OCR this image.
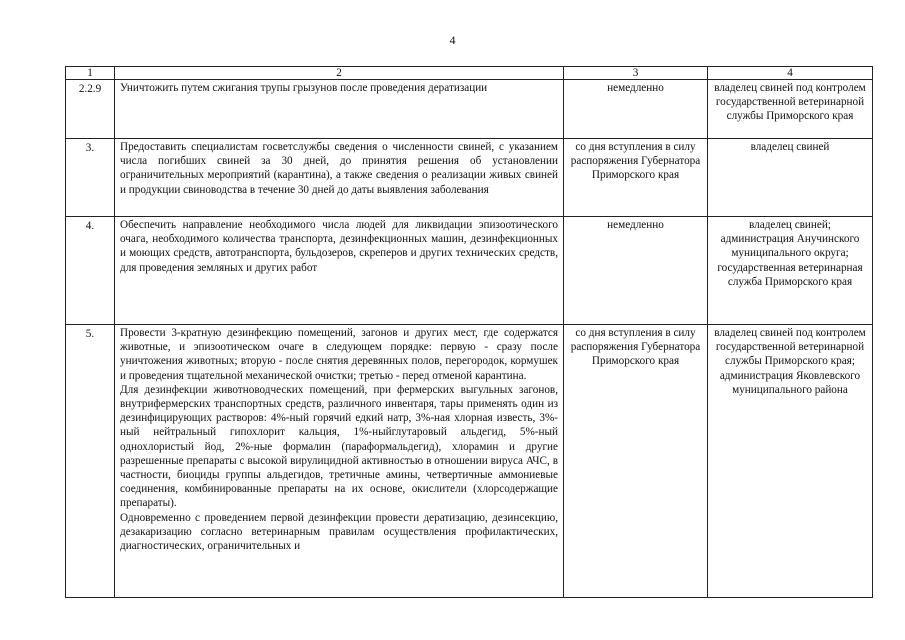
4
1	2	3	4
2.2.9	Уничтожить путем сжигания трупы грызунов после проведения дератизации	немедленно	владелец свиней под контролем государственной ветеринарной службы Приморского края
3.	Предоставить специалистам госветслужбы сведения о численности свиней, с указанием числа погибших свиней за 30 дней, до принятия решения об установлении ограничительных мероприятий (карантина), а также сведения о реализации живых свиней и продукции свиноводства в течение 30 дней до даты выявления заболевания	со дня вступления в силу распоряжения Губернатора Приморского края	владелец свиней
4.	Обеспечить направление необходимого числа людей для ликвидации эпизоотического очага, необходимого количества транспорта, дезинфекционных машин, дезинфекционных и моющих средств, автотранспорта, бульдозеров, скреперов и других технических средств, для проведения земляных и других работ	немедленно	владелец свиней; администрация Анучинского муниципального округа; государственная ветеринарная служба Приморского края
5.	Провести 3-кратную дезинфекцию помещений, загонов и других мест, где содержатся животные, и эпизоотическом очаге в следующем порядке: первую - сразу после уничтожения животных; вторую - после снятия деревянных полов, перегородок, кормушек и проведения тщательной механической очистки; третью - перед отменой карантина.

Для дезинфекции животноводческих помещений, при фермерских выгульных загонов, внутрифермерских транспортных средств, различного инвентаря, тары применять один из дезинфицирующих растворов: 4%-ный горячий едкий натр, 3%-ная хлорная известь, 3%-ный нейтральный гипохлорит кальция, 1%-ныйглутаровый альдегид, 5%-ный однохлористый йод, 2%-ные формалин (параформальдегид), хлорамин и другие разрешенные препараты с высокой вирулицидной активностью в отношении вируса АЧС, в частности, биоциды группы альдегидов, третичные амины, четвертичные аммониевые соединения, комбинированные препараты на их основе, окислители (хлорсодержащие препараты).

Одновременно с проведением первой дезинфекции провести дератизацию, дезинсекцию, дезакаризацию согласно ветеринарным правилам осуществления профилактических, диагностических, ограничительных и	со дня вступления в силу распоряжения Губернатора Приморского края	владелец свиней под контролем государственной ветеринарной службы Приморского края; администрация Яковлевского муниципального района
